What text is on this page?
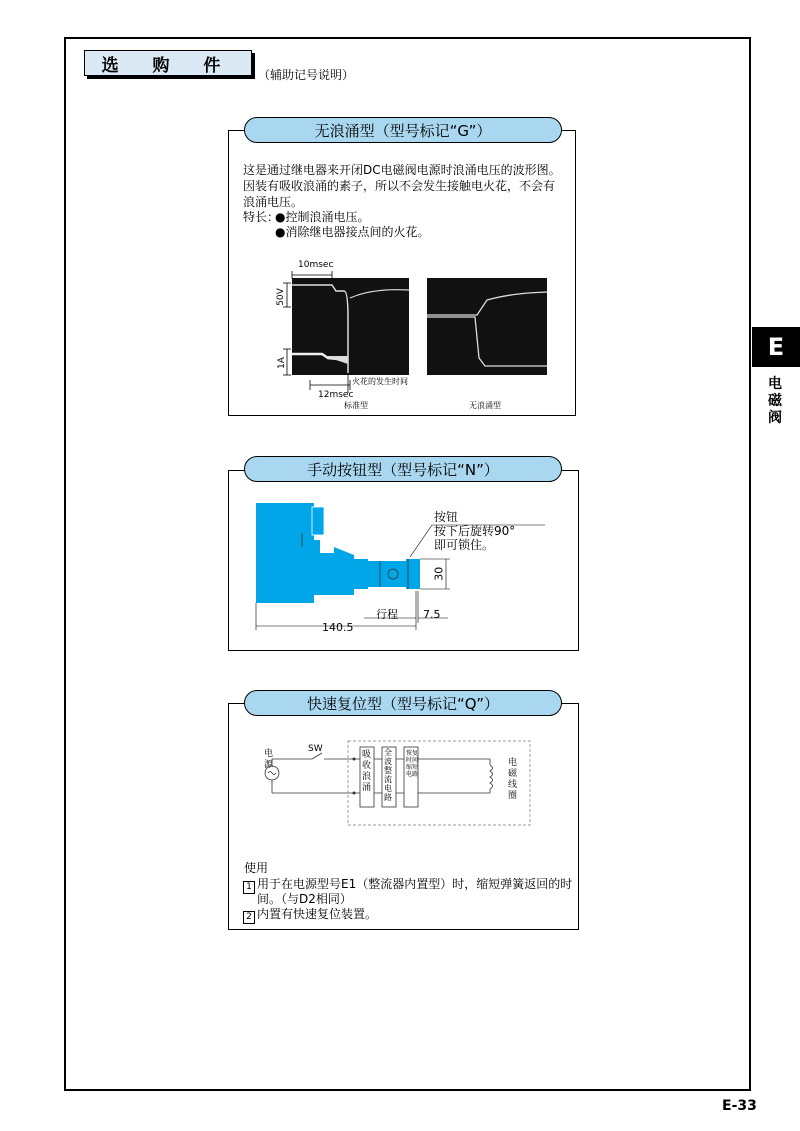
选 购 件	（辅助记号说明）
E
电磁阀
E-33
无浪涌型（型号标记“G”）
这是通过继电器来开闭DC电磁阀电源时浪涌电压的波形图。
因装有吸收浪涌的素子，所以不会发生接触电火花，不会有
浪涌电压。
特长：
●控制浪涌电压。
●消除继电器接点间的火花。
10msec
50V
1A
12msec
火花的发生时间
标准型	无浪涌型
手动按钮型（型号标记“N”）
按钮
按下后旋转90°
即可锁住。
30
行程 7.5
140.5
快速复位型（型号标记“Q”）
电源
SW
吸收浪涌
全波整流电路
恢复时间缩短电路
电磁线圈
使用
1 用于在电源型号E1（整流器内置型）时，缩短弹簧返回的时
间。（与D2相同）
2 内置有快速复位装置。
